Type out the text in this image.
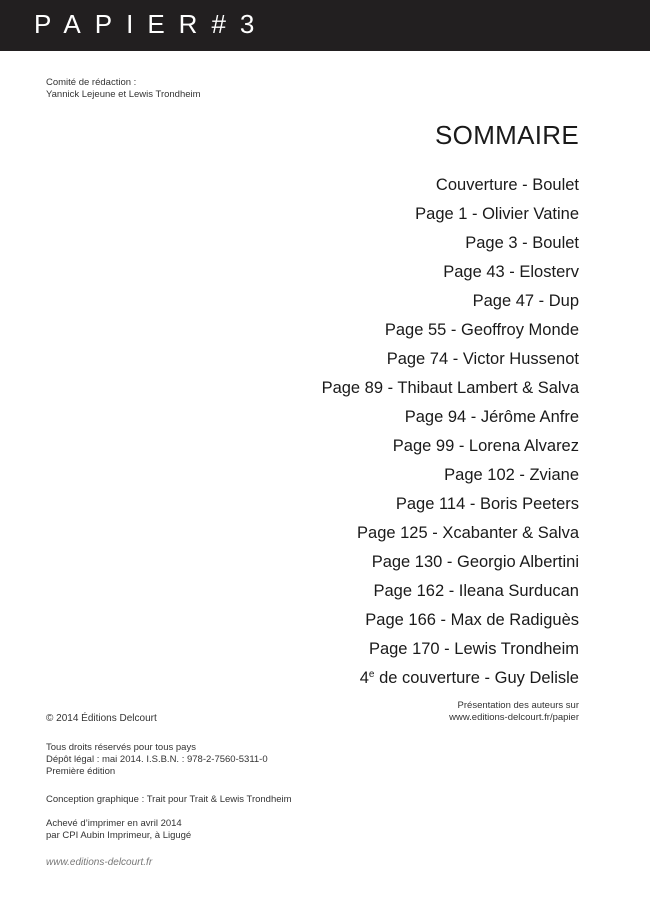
PAPIER#3
Comité de rédaction :
Yannick Lejeune et Lewis Trondheim
SOMMAIRE
Couverture - Boulet
Page 1 - Olivier Vatine
Page 3 - Boulet
Page 43 - Elosterv
Page 47 - Dup
Page 55 - Geoffroy Monde
Page 74 - Victor Hussenot
Page 89 - Thibaut Lambert & Salva
Page 94 - Jérôme Anfre
Page 99 - Lorena Alvarez
Page 102 - Zviane
Page 114 - Boris Peeters
Page 125 - Xcabanter & Salva
Page 130 - Georgio Albertini
Page 162 - Ileana Surducan
Page 166 - Max de Radiguès
Page 170 - Lewis Trondheim
4e de couverture - Guy Delisle
Présentation des auteurs sur
www.editions-delcourt.fr/papier
© 2014 Éditions Delcourt
Tous droits réservés pour tous pays
Dépôt légal : mai 2014. I.S.B.N. : 978-2-7560-5311-0
Première édition
Conception graphique : Trait pour Trait & Lewis Trondheim
Achevé d’imprimer en avril 2014
par CPI Aubin Imprimeur, à Ligugé
www.editions-delcourt.fr
